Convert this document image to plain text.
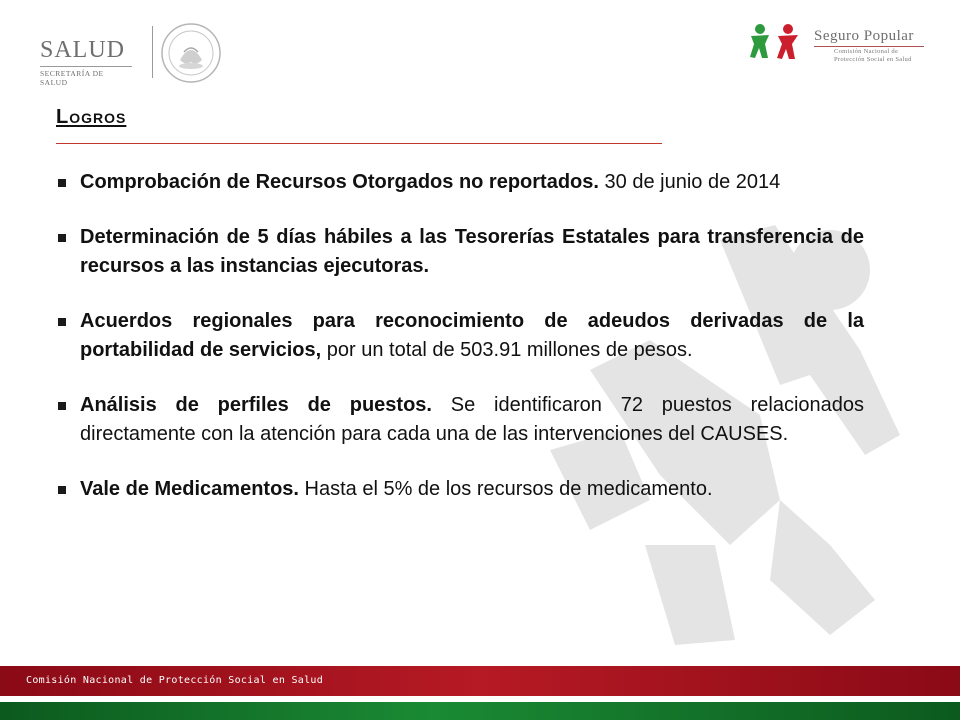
SALUD
SECRETARÍA DE SALUD
Seguro Popular
Comisión Nacional de
Protección Social en Salud
Logros
Comprobación de Recursos Otorgados no reportados. 30 de junio de 2014
Determinación de 5 días hábiles a las Tesorerías Estatales para transferencia de recursos a las instancias ejecutoras.
Acuerdos regionales para reconocimiento de adeudos derivadas de la portabilidad de servicios, por un total de 503.91 millones de pesos.
Análisis de perfiles de puestos. Se identificaron 72 puestos relacionados directamente con la atención para cada una de las intervenciones del CAUSES.
Vale de Medicamentos. Hasta el 5% de los recursos de medicamento.
Comisión Nacional de Protección Social en Salud
